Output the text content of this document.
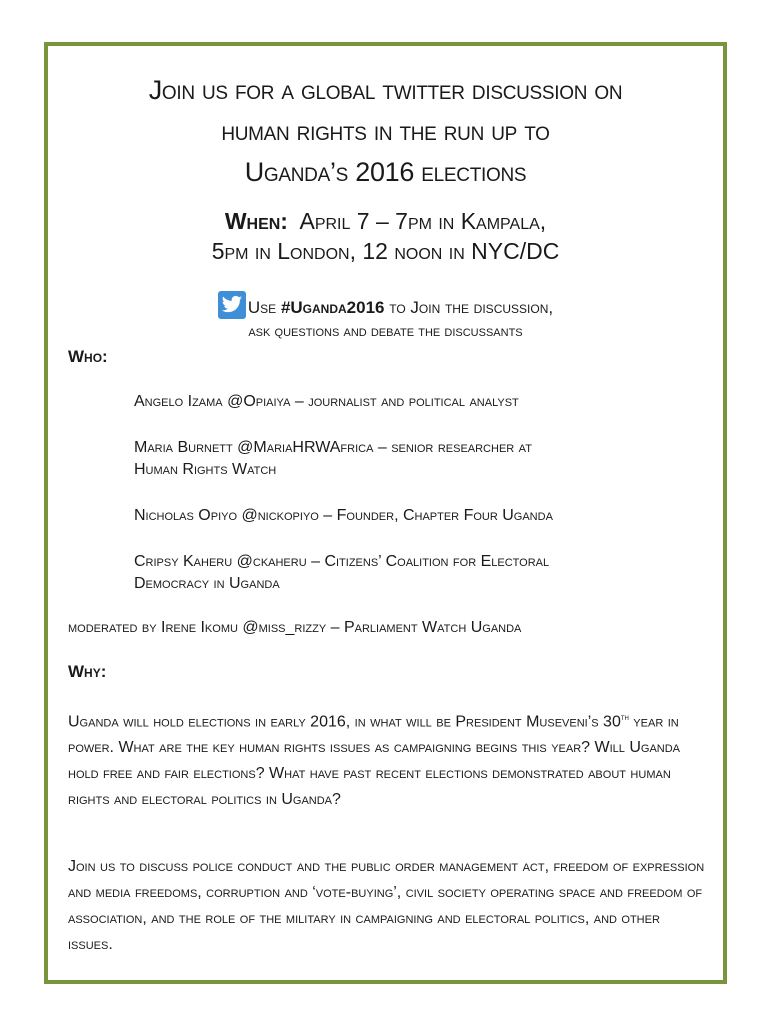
Join us for a global twitter discussion on
human rights in the run up to
Uganda’s 2016 elections
When: April 7 – 7pm in Kampala,
5pm in London, 12 noon in NYC/DC
Use #Uganda2016 to Join the discussion,
ask questions and debate the discussants
Who:
Angelo Izama @Opiaiya – journalist and political analyst
Maria Burnett @MariaHRWAfrica – senior researcher at
Human Rights Watch
Nicholas Opiyo @nickopiyo – Founder, Chapter Four Uganda
Cripsy Kaheru @ckaheru – Citizens’ Coalition for Electoral
Democracy in Uganda
moderated by Irene Ikomu @miss_rizzy – Parliament Watch Uganda
Why:
Uganda will hold elections in early 2016, in what will be President Museveni’s 30th year in power. What are the key human rights issues as campaigning begins this year? Will Uganda hold free and fair elections? What have past recent elections demonstrated about human rights and electoral politics in Uganda?
Join us to discuss police conduct and the public order management act, freedom of expression and media freedoms, corruption and ‘vote-buying’, civil society operating space and freedom of association, and the role of the military in campaigning and electoral politics, and other issues.
